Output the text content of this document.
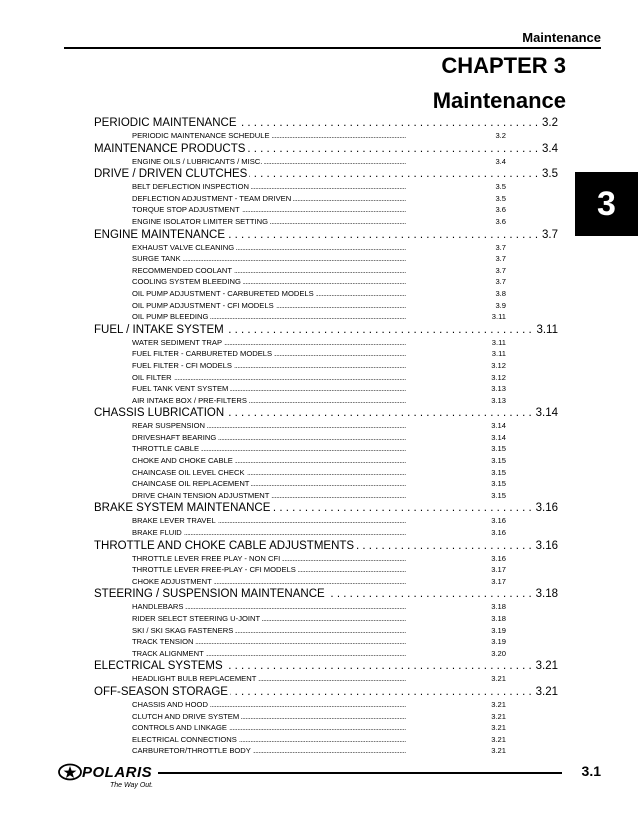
Maintenance
CHAPTER 3
Maintenance
3
. . . PERIODIC MAINTENANCE	3.2
. . . PERIODIC MAINTENANCE SCHEDULE	3.2
. . . MAINTENANCE PRODUCTS	3.4
. . . ENGINE OILS / LUBRICANTS / MISC.	3.4
. . . DRIVE / DRIVEN CLUTCHES	3.5
. . . BELT DEFLECTION INSPECTION	3.5
. . . DEFLECTION ADJUSTMENT - TEAM DRIVEN	3.5
. . . TORQUE STOP ADJUSTMENT	3.6
. . . ENGINE ISOLATOR LIMITER SETTING	3.6
. . . ENGINE MAINTENANCE	3.7
. . . EXHAUST VALVE CLEANING	3.7
. . . SURGE TANK	3.7
. . . RECOMMENDED COOLANT	3.7
. . . COOLING SYSTEM BLEEDING	3.7
. . . OIL PUMP ADJUSTMENT - CARBURETED MODELS	3.8
. . . OIL PUMP ADJUSTMENT - CFI MODELS	3.9
. . . OIL PUMP BLEEDING	3.11
. . . FUEL / INTAKE SYSTEM	3.11
. . . WATER SEDIMENT TRAP	3.11
. . . FUEL FILTER - CARBURETED MODELS	3.11
. . . FUEL FILTER - CFI MODELS	3.12
. . . OIL FILTER	3.12
. . . FUEL TANK VENT SYSTEM	3.13
. . . AIR INTAKE BOX / PRE-FILTERS	3.13
. . . CHASSIS LUBRICATION	3.14
. . . REAR SUSPENSION	3.14
. . . DRIVESHAFT BEARING	3.14
. . . THROTTLE CABLE	3.15
. . . CHOKE AND CHOKE CABLE	3.15
. . . CHAINCASE OIL LEVEL CHECK	3.15
. . . CHAINCASE OIL REPLACEMENT	3.15
. . . DRIVE CHAIN TENSION ADJUSTMENT	3.15
. . . BRAKE SYSTEM MAINTENANCE	3.16
. . . BRAKE LEVER TRAVEL	3.16
. . . BRAKE FLUID	3.16
. . . THROTTLE AND CHOKE CABLE ADJUSTMENTS	3.16
. . . THROTTLE LEVER FREE PLAY - NON CFI	3.16
. . . THROTTLE LEVER FREE-PLAY - CFI MODELS	3.17
. . . CHOKE ADJUSTMENT	3.17
. . . STEERING / SUSPENSION MAINTENANCE	3.18
. . . HANDLEBARS	3.18
. . . RIDER SELECT STEERING U-JOINT	3.18
. . . SKI / SKI SKAG FASTENERS	3.19
. . . TRACK TENSION	3.19
. . . TRACK ALIGNMENT	3.20
. . . ELECTRICAL SYSTEMS	3.21
. . . HEADLIGHT BULB REPLACEMENT	3.21
. . . OFF-SEASON STORAGE	3.21
. . . CHASSIS AND HOOD	3.21
. . . CLUTCH AND DRIVE SYSTEM	3.21
. . . CONTROLS AND LINKAGE	3.21
. . . ELECTRICAL CONNECTIONS	3.21
. . . CARBURETOR/THROTTLE BODY	3.21
POLARIS
The Way Out.
3.1
